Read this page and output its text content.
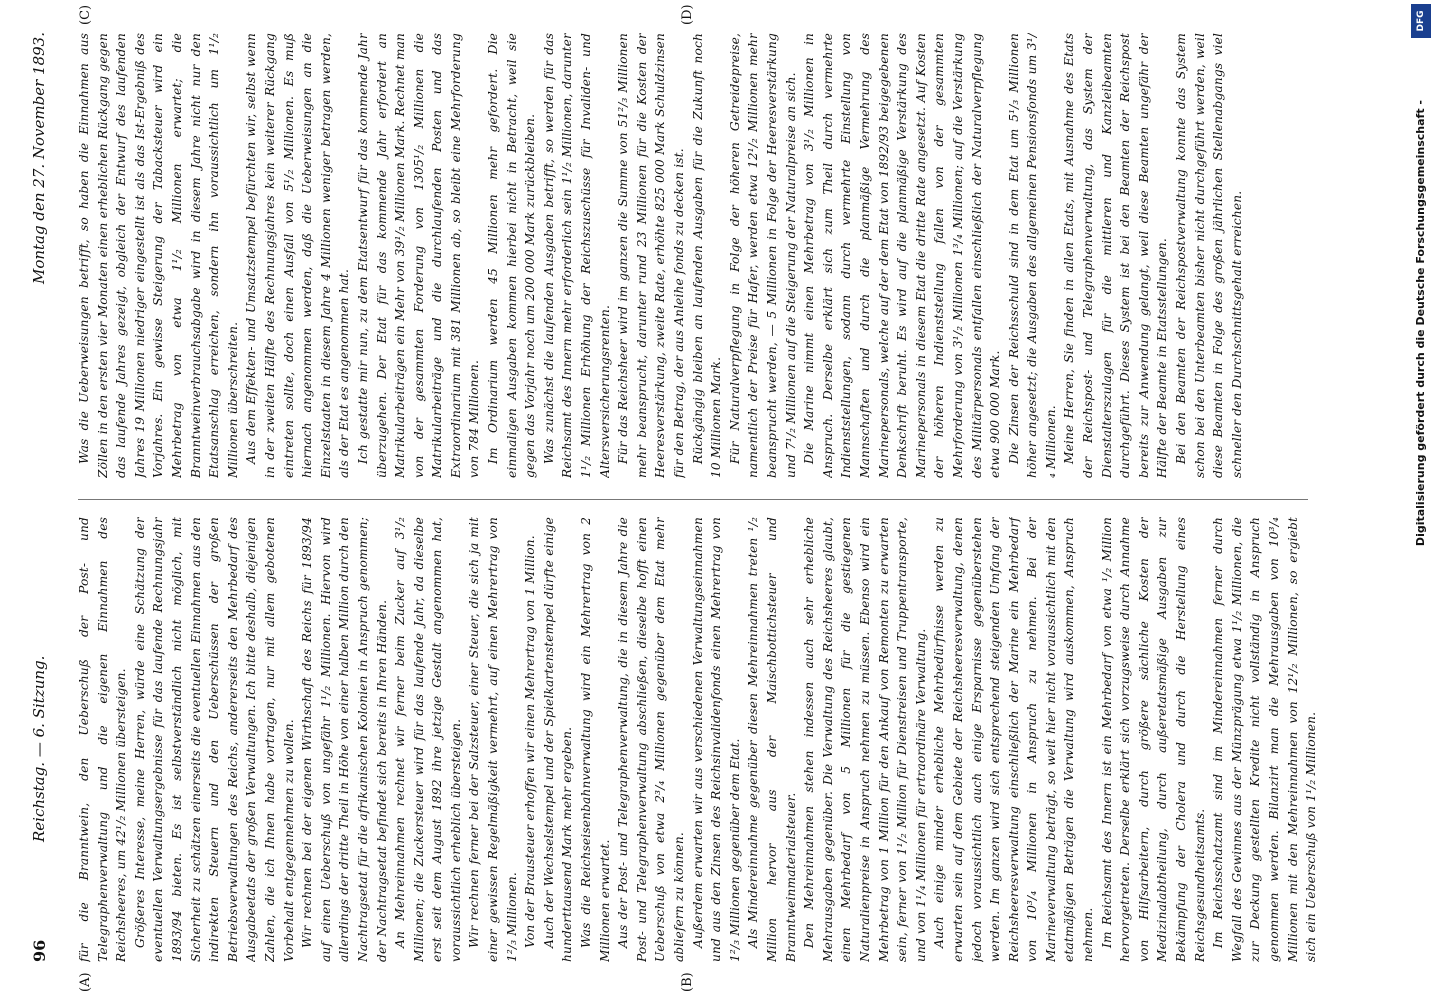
96
Reichstag. — 6. Sitzung.
Montag den 27. November 1893.
(A)	(B)
(C)	(D)

für die Branntwein, den Ueberschuß der Post- und Telegraphenverwaltung und die eigenen Einnahmen des Reichsheeres, um 42¹/₂ Millionen übersteigen. Größeres Interesse, meine Herren, würde eine Schätzung der eventuellen Verwaltungsergebnisse für das laufende Rechnungsjahr 1893/94 bieten. Es ist selbstverständlich nicht möglich, mit Sicherheit zu schätzen einerseits die eventuellen Einnahmen aus den indirekten Steuern und den Ueberschüssen der großen Betriebsverwaltungen des Reichs, andererseits den Mehrbedarf des Ausgabeetats der großen Verwaltungen. Ich bitte deshalb, diejenigen Zahlen, die ich Ihnen habe vortragen, nur mit allem gebotenen Vorbehalt entgegennehmen zu wollen. Wir rechnen bei der eigenen Wirthschaft des Reichs für 1893/94 auf einen Ueberschuß von ungefähr 1¹/₂ Millionen. Hiervon wird allerdings der dritte Theil in Höhe von einer halben Million durch den Nachtragsetat für die afrikanischen Kolonien in Anspruch genommen; der Nachtragsetat befindet sich bereits in Ihren Händen. An Mehreinnahmen rechnet wir ferner beim Zucker auf 3¹/₂ Millionen; die Zuckersteuer wird für das laufende Jahr, da dieselbe erst seit dem August 1892 ihre jetzige Gestalt angenommen hat, voraussichtlich erheblich übersteigen. Wir rechnen ferner bei der Salzsteuer, einer Steuer, die sich ja mit einer gewissen Regelmäßigkeit vermehrt, auf einen Mehrertrag von 1²/₃ Millionen. Von der Brausteuer erhoffen wir einen Mehrertrag von 1 Million. Auch der Wechselstempel und der Spielkartenstempel dürfte einige hunderttausend Mark mehr ergeben. Was die Reichseisenbahnverwaltung wird ein Mehrertrag von 2 Millionen erwartet. Aus der Post- und Telegraphenverwaltung, die in diesem Jahre die Post- und Telegraphenverwaltung abschließen, dieselbe hofft einen Ueberschuß von etwa 2³/₄ Millionen gegenüber dem Etat mehr abliefern zu können. Außerdem erwarten wir aus verschiedenen Verwaltungseinnahmen und aus den Zinsen des Reichsinvalidenfonds einen Mehrertrag von 1²/₃ Millionen gegenüber dem Etat. Als Mindereinnahme gegenüber diesen Mehreinnahmen treten ¹/₂ Million hervor aus der Maischbottichsteuer und Branntweinmaterialsteuer. Den Mehreinnahmen stehen indessen auch sehr erhebliche Mehrausgaben gegenüber. Die Verwaltung des Reichsheeres glaubt, einen Mehrbedarf von 5 Millionen für die gestiegenen Naturalienpreise in Anspruch nehmen zu müssen. Ebenso wird ein Mehrbetrag von 1 Million für den Ankauf von Remonten zu erwarten sein, ferner von 1¹/₂ Million für Dienstreisen und Truppentransporte, und von 1¹/₄ Millionen für ertraordinäre Verwaltung. Auch einige minder erhebliche Mehrbedürfnisse werden zu erwarten sein auf dem Gebiete der Reichsheeresverwaltung, denen jedoch voraussichtlich auch einige Ersparnisse gegenüberstehen werden. Im ganzen wird sich entsprechend steigenden Umfang der Reichsheeresverwaltung einschließlich der Marine ein Mehrbedarf von 10³/₄ Millionen in Anspruch zu nehmen. Bei der Marineverwaltung beträgt, so weit hier nicht voraussichtlich mit den etatmäßigen Beträgen die Verwaltung wird auskommen, Anspruch nehmen. Im Reichsamt des Innern ist ein Mehrbedarf von etwa ¹/₂ Million hervorgetreten. Derselbe erklärt sich vorzugsweise durch Annahme von Hilfsarbeitern, durch größere sächliche Kosten der Medizinalabtheilung, durch außeretatsmäßige Ausgaben zur Bekämpfung der Cholera und durch die Herstellung eines Reichsgesundheitsamts. Im Reichsschatzamt sind im Mindereinnahmen ferner durch Wegfall des Gewinnes aus der Münzprägung etwa 1¹/₂ Millionen, die zur Deckung gestellten Kredite nicht vollständig in Anspruch genommen werden. Bilanzirt man die Mehrausgaben von 10³/₄ Millionen mit den Mehreinnahmen von 12¹/₂ Millionen, so ergiebt sich ein Ueberschuß von 1¹/₂ Millionen.

Was die Ueberweisungen betrifft, so haben die Einnahmen aus Zöllen in den ersten vier Monaten einen erheblichen Rückgang gegen das laufende Jahres gezeigt, obgleich der Entwurf des laufenden Jahres 19 Millionen niedriger eingestellt ist als das Ist-Ergebniß des Vorjahres. Ein gewisse Steigerung der Tabacksteuer wird ein Mehrbetrag von etwa 1¹/₂ Millionen erwartet; die Branntweinverbrauchsabgabe wird in diesem Jahre nicht nur den Etatsanschlag erreichen, sondern ihn voraussichtlich um 1¹/₂ Millionen überschreiten. Aus dem Effekten- und Umsatzstempel befürchten wir, selbst wenn in der zweiten Hälfte des Rechnungsjahres kein weiterer Rückgang eintreten sollte, doch einen Ausfall von 5¹/₂ Millionen. Es muß hiernach angenommen werden, daß die Ueberweisungen an die Einzelstaaten in diesem Jahre 4 Millionen weniger betragen werden, als der Etat es angenommen hat. Ich gestatte mir nun, zu dem Etatsentwurf für das kommende Jahr überzugehen. Der Etat für das kommende Jahr erfordert an Matrikularbeiträgen ein Mehr von 39¹/₂ Millionen Mark. Rechnet man von der gesammten Forderung von 1305¹/₂ Millionen die Matrikularbeiträge und die durchlaufenden Posten und das Extraordinarium mit 381 Millionen ab, so bleibt eine Mehrforderung von 784 Millionen. Im Ordinarium werden 45 Millionen mehr gefordert. Die einmaligen Ausgaben kommen hierbei nicht in Betracht, weil sie gegen das Vorjahr noch um 200 000 Mark zurückbleiben. Was zunächst die laufenden Ausgaben betrifft, so werden für das Reichsamt des Innern mehr erforderlich sein 1¹/₂ Millionen, darunter 1¹/₂ Millionen Erhöhung der Reichszuschüsse für Invaliden- und Altersversicherungsrenten. Für das Reichsheer wird im ganzen die Summe von 51²/₃ Millionen mehr beansprucht, darunter rund 23 Millionen für die Kosten der Heeresverstärkung, zweite Rate, erhöhte 825 000 Mark Schuldzinsen für den Betrag, der aus Anleihe fonds zu decken ist. Rückgängig bleiben an laufenden Ausgaben für die Zukunft noch 10 Millionen Mark. Für Naturalverpflegung in Folge der höheren Getreidepreise, namentlich der Preise für Hafer, werden etwa 12¹/₂ Millionen mehr beansprucht werden, — 5 Millionen in Folge der Heeresverstärkung und 7¹/₂ Millionen auf die Steigerung der Naturalpreise an sich. Die Marine nimmt einen Mehrbetrag von 3¹/₂ Millionen in Anspruch. Derselbe erklärt sich zum Theil durch vermehrte Indienststellungen, sodann durch vermehrte Einstellung von Mannschaften und durch die planmäßige Vermehrung des Marinepersonals, welche auf der dem Etat von 1892/93 beigegebenen Denkschrift beruht. Es wird auf die planmäßige Verstärkung des Marinepersonals in diesem Etat die dritte Rate angesetzt. Auf Kosten der höheren Indienststellung fallen von der gesammten Mehrforderung von 3¹/₂ Millionen 1³/₄ Millionen; auf die Verstärkung des Militärpersonals entfallen einschließlich der Naturalverpflegung etwa 900 000 Mark. Die Zinsen der Reichsschuld sind in dem Etat um 5¹/₃ Millionen höher angesetzt; die Ausgaben des allgemeinen Pensionsfonds um 3¹/₄ Millionen. Meine Herren, Sie finden in allen Etats, mit Ausnahme des Etats der Reichspost- und Telegraphenverwaltung, das System der Dienstalterszulagen für die mittleren und Kanzleibeamten durchgeführt. Dieses System ist bei den Beamten der Reichspost bereits zur Anwendung gelangt, weil diese Beamten ungefähr der Hälfte der Beamte in Etatsstellungen. Bei den Beamten der Reichspostverwaltung konnte das System schon bei den Unterbeamten bisher nicht durchgeführt werden, weil diese Beamten in Folge des großen jährlichen Stellenabgangs viel schneller den Durchschnittsgehalt erreichen.	Digitalisierung gefördert durch die Deutsche Forschungsgemeinschaft -
DFG
